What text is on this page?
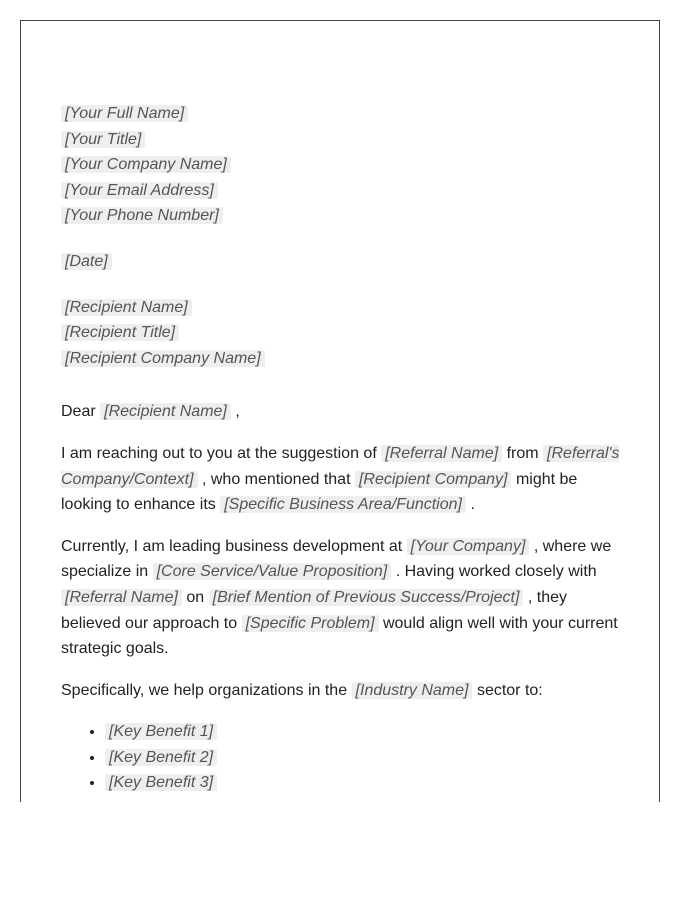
[Your Full Name]
[Your Title]
[Your Company Name]
[Your Email Address]
[Your Phone Number]
[Date]
[Recipient Name]
[Recipient Title]
[Recipient Company Name]

Dear [Recipient Name] ,

I am reaching out to you at the suggestion of [Referral Name] from [Referral's Company/Context] , who mentioned that [Recipient Company] might be looking to enhance its [Specific Business Area/Function] .

Currently, I am leading business development at [Your Company] , where we specialize in [Core Service/Value Proposition] . Having worked closely with [Referral Name] on [Brief Mention of Previous Success/Project] , they believed our approach to [Specific Problem] would align well with your current strategic goals.

Specifically, we help organizations in the [Industry Name] sector to:

• [Key Benefit 1]
• [Key Benefit 2]
• [Key Benefit 3]
